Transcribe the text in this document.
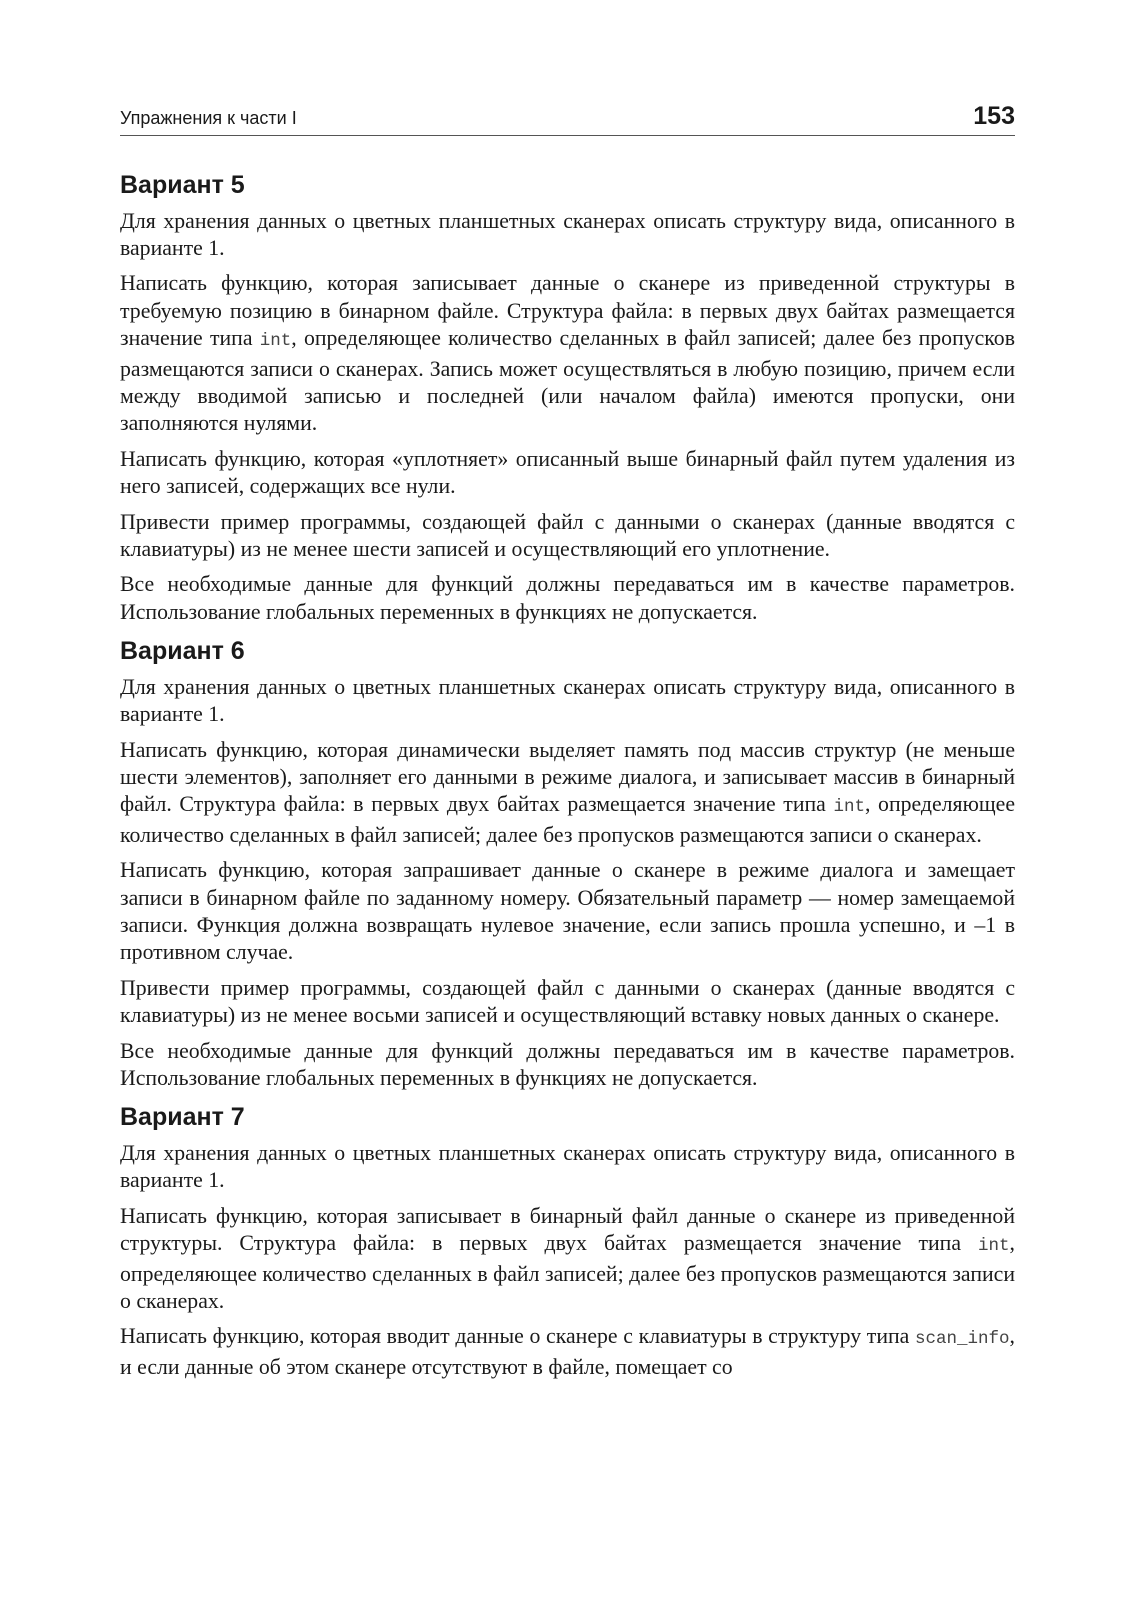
Упражнения к части I	153
Вариант 5

Для хранения данных о цветных планшетных сканерах описать структуру вида, описанного в варианте 1.

Написать функцию, которая записывает данные о сканере из приведенной структуры в требуемую позицию в бинарном файле. Структура файла: в первых двух байтах размещается значение типа int, определяющее количество сделанных в файл записей; далее без пропусков размещаются записи о сканерах. Запись может осуществляться в любую позицию, причем если между вводимой записью и последней (или началом файла) имеются пропуски, они заполняются нулями.

Написать функцию, которая «уплотняет» описанный выше бинарный файл путем удаления из него записей, содержащих все нули.

Привести пример программы, создающей файл с данными о сканерах (данные вводятся с клавиатуры) из не менее шести записей и осуществляющий его уплотнение.

Все необходимые данные для функций должны передаваться им в качестве параметров. Использование глобальных переменных в функциях не допускается.

Вариант 6

Для хранения данных о цветных планшетных сканерах описать структуру вида, описанного в варианте 1.

Написать функцию, которая динамически выделяет память под массив структур (не меньше шести элементов), заполняет его данными в режиме диалога, и записывает массив в бинарный файл. Структура файла: в первых двух байтах размещается значение типа int, определяющее количество сделанных в файл записей; далее без пропусков размещаются записи о сканерах.

Написать функцию, которая запрашивает данные о сканере в режиме диалога и замещает записи в бинарном файле по заданному номеру. Обязательный параметр — номер замещаемой записи. Функция должна возвращать нулевое значение, если запись прошла успешно, и –1 в противном случае.

Привести пример программы, создающей файл с данными о сканерах (данные вводятся с клавиатуры) из не менее восьми записей и осуществляющий вставку новых данных о сканере.

Все необходимые данные для функций должны передаваться им в качестве параметров. Использование глобальных переменных в функциях не допускается.

Вариант 7

Для хранения данных о цветных планшетных сканерах описать структуру вида, описанного в варианте 1.

Написать функцию, которая записывает в бинарный файл данные о сканере из приведенной структуры. Структура файла: в первых двух байтах размещается значение типа int, определяющее количество сделанных в файл записей; далее без пропусков размещаются записи о сканерах.

Написать функцию, которая вводит данные о сканере с клавиатуры в структуру типа scan_info, и если данные об этом сканере отсутствуют в файле, помещает со
